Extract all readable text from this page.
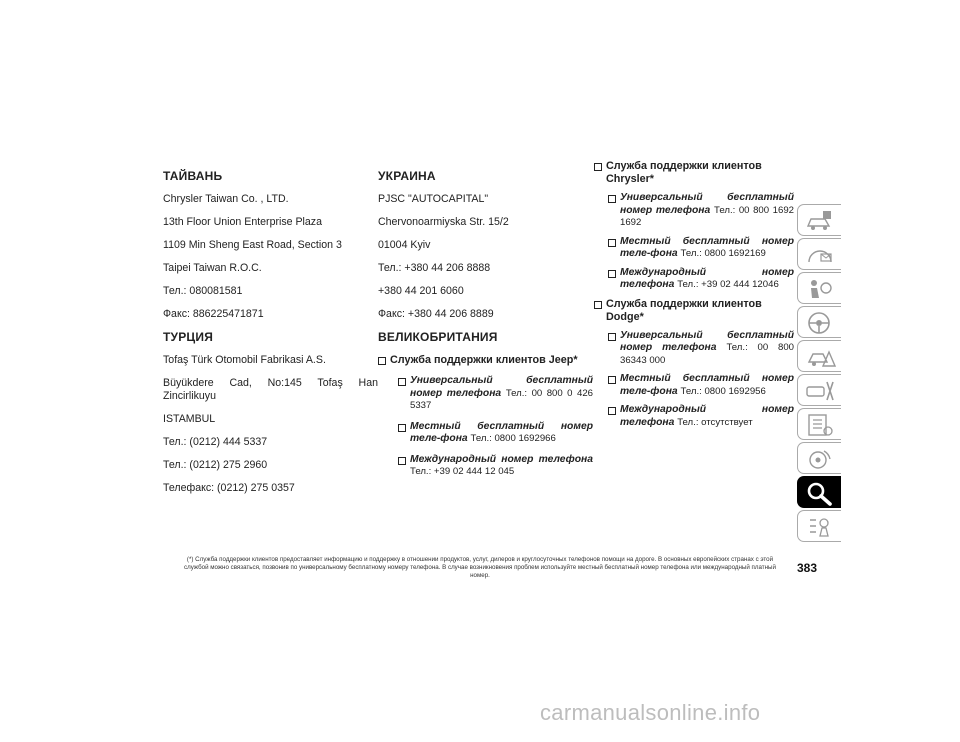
ТАЙВАНЬ
Chrysler Taiwan Co. , LTD.
13th Floor Union Enterprise Plaza
1109 Min Sheng East Road, Section 3
Taipei Taiwan R.O.C.
Тел.: 080081581
Факс: 886225471871
ТУРЦИЯ
Tofaş Türk Otomobil Fabrikasi A.S.
Büyükdere Cad, No:145 Tofaş Han Zincirlikuyu
ISTAMBUL
Тел.: (0212) 444 5337
Тел.: (0212) 275 2960
Телефакс: (0212) 275 0357
УКРАИНА
PJSC "AUTOCAPITAL"
Chervonoarmiyska Str. 15/2
01004 Kyiv
Тел.: +380 44 206 8888
+380 44 201 6060
Факс: +380 44 206 8889
ВЕЛИКОБРИТАНИЯ
Служба поддержки клиентов Jeep*
Универсальный бесплатный номер телефона Тел.: 00 800 0 426 5337
Местный бесплатный номер теле-фона Тел.: 0800 1692966
Международный номер телефона Тел.: +39 02 444 12 045
Служба поддержки клиентов Chrysler*
Универсальный бесплатный номер телефона Тел.: 00 800 1692 1692
Местный бесплатный номер теле-фона Тел.: 0800 1692169
Международный номер телефона Тел.: +39 02 444 12046
Служба поддержки клиентов Dodge*
Универсальный бесплатный номер телефона Тел.: 00 800 36343 000
Местный бесплатный номер теле-фона Тел.: 0800 1692956
Международный номер телефона Тел.: отсутствует
(*) Служба поддержки клиентов предоставляет информацию и поддержку в отношении продуктов, услуг, дилеров и круглосуточных телефонов помощи на дороге. В основных европейских странах с этой службой можно связаться, позвонив по универсальному бесплатному номеру телефона. В случае возникновения проблем используйте местный бесплатный номер телефона или международный платный номер.
383
carmanualsonline.info
